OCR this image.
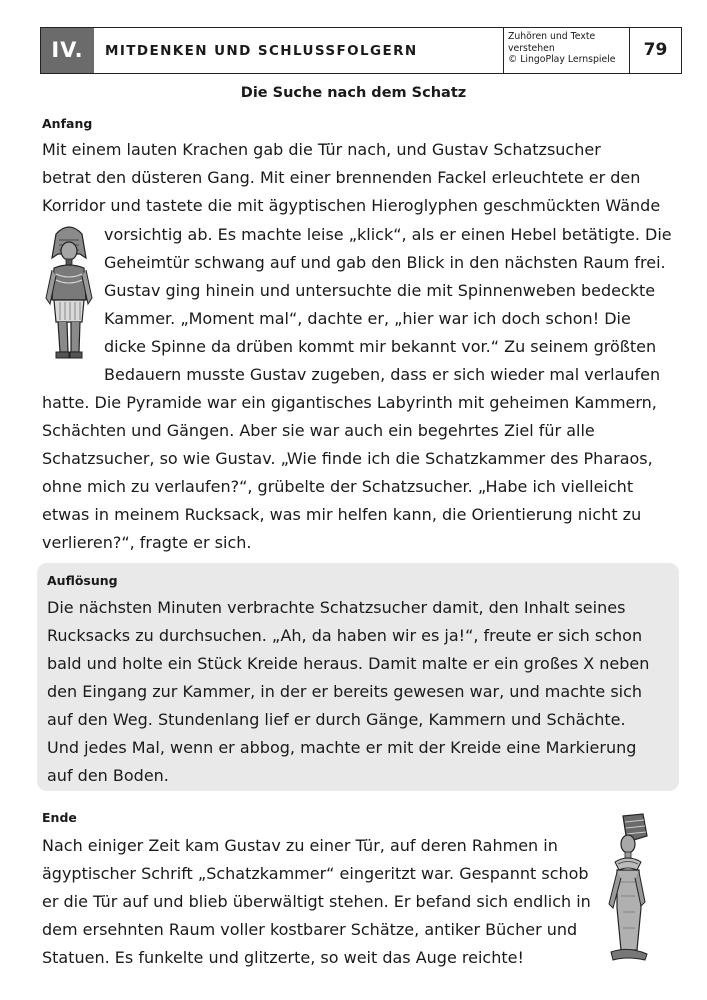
IV.	MITDENKEN UND SCHLUSSFOLGERN
Zuhören und Texte
verstehen
© LingoPlay Lernspiele	79
Die Suche nach dem Schatz
Anfang
Mit einem lauten Krachen gab die Tür nach, und Gustav Schatzsucher
betrat den düsteren Gang. Mit einer brennenden Fackel erleuchtete er den
Korridor und tastete die mit ägyptischen Hieroglyphen geschmückten Wände
vorsichtig ab. Es machte leise „klick“, als er einen Hebel betätigte. Die
Geheimtür schwang auf und gab den Blick in den nächsten Raum frei.
Gustav ging hinein und untersuchte die mit Spinnenweben bedeckte
Kammer. „Moment mal“, dachte er, „hier war ich doch schon! Die
dicke Spinne da drüben kommt mir bekannt vor.“ Zu seinem größten
Bedauern musste Gustav zugeben, dass er sich wieder mal verlaufen
hatte. Die Pyramide war ein gigantisches Labyrinth mit geheimen Kammern,
Schächten und Gängen. Aber sie war auch ein begehrtes Ziel für alle
Schatzsucher, so wie Gustav. „Wie finde ich die Schatzkammer des Pharaos,
ohne mich zu verlaufen?“, grübelte der Schatzsucher. „Habe ich vielleicht
etwas in meinem Rucksack, was mir helfen kann, die Orientierung nicht zu
verlieren?“, fragte er sich.
Auflösung
Die nächsten Minuten verbrachte Schatzsucher damit, den Inhalt seines
Rucksacks zu durchsuchen. „Ah, da haben wir es ja!“, freute er sich schon
bald und holte ein Stück Kreide heraus. Damit malte er ein großes X neben
den Eingang zur Kammer, in der er bereits gewesen war, und machte sich
auf den Weg. Stundenlang lief er durch Gänge, Kammern und Schächte.
Und jedes Mal, wenn er abbog, machte er mit der Kreide eine Markierung
auf den Boden.
Ende
Nach einiger Zeit kam Gustav zu einer Tür, auf deren Rahmen in
ägyptischer Schrift „Schatzkammer“ eingeritzt war. Gespannt schob
er die Tür auf und blieb überwältigt stehen. Er befand sich endlich in
dem ersehnten Raum voller kostbarer Schätze, antiker Bücher und
Statuen. Es funkelte und glitzerte, so weit das Auge reichte!
